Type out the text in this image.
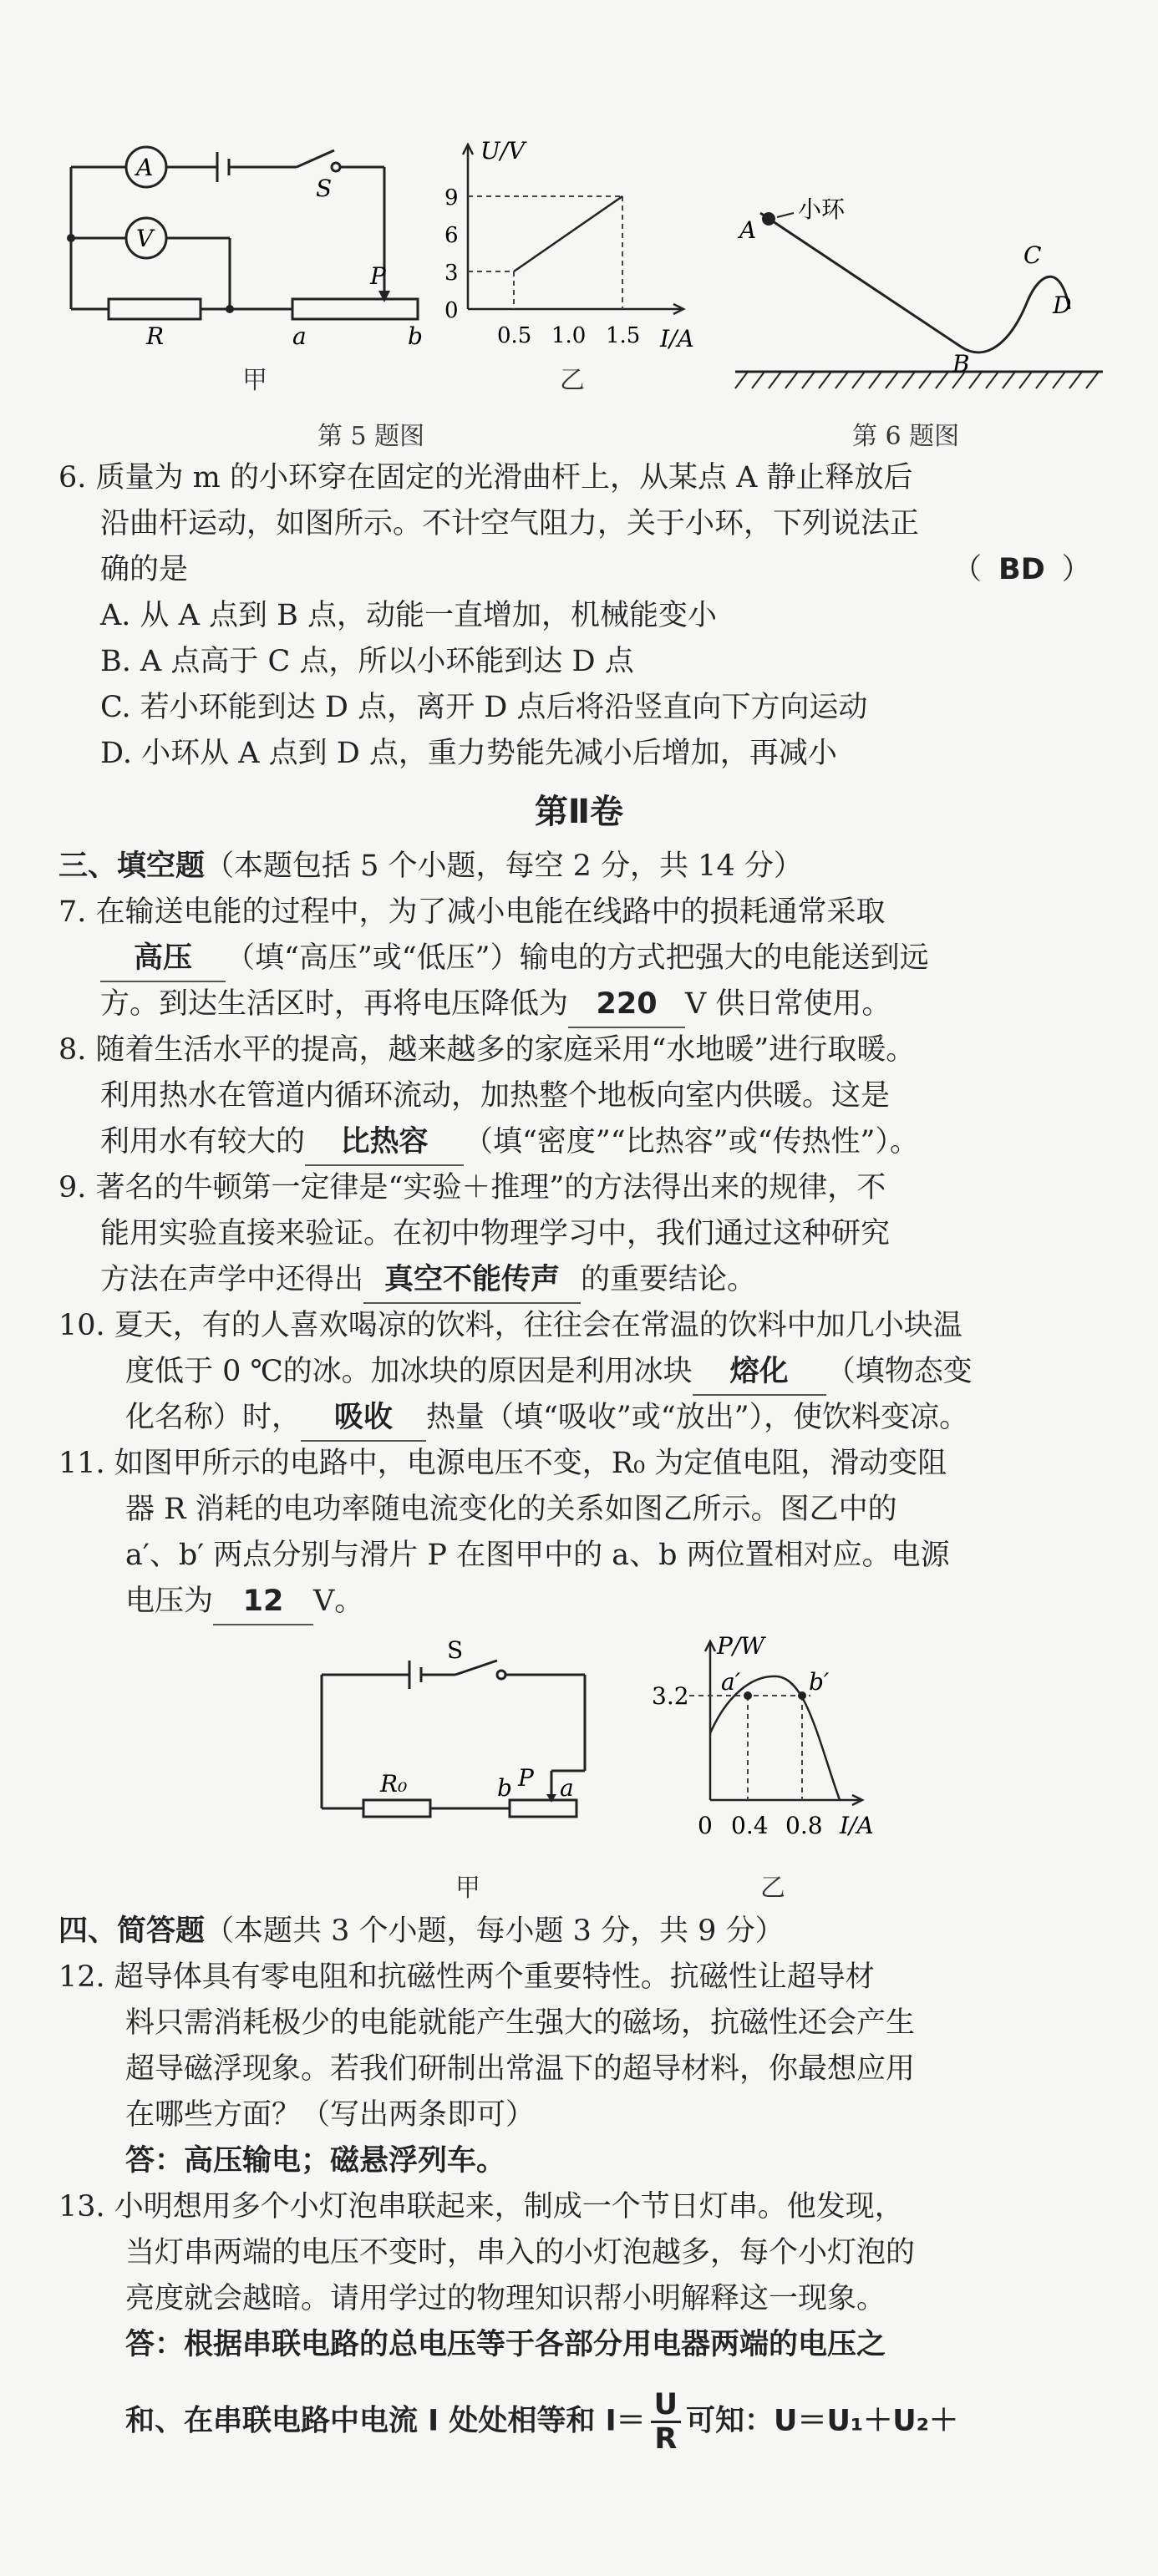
A
V
S
R
P
a	b
甲
U/V
I/A
9
6
3
0
0.5 1.0 1.5
乙
第 5 题图
小环
A
B
C
D
第 6 题图
6. 质量为 m 的小环穿在固定的光滑曲杆上，从某点 A 静止释放后
沿曲杆运动，如图所示。不计空气阻力，关于小环，下列说法正
确的是	（ BD ）
A. 从 A 点到 B 点，动能一直增加，机械能变小
B. A 点高于 C 点，所以小环能到达 D 点
C. 若小环能到达 D 点，离开 D 点后将沿竖直向下方向运动
D. 小环从 A 点到 D 点，重力势能先减小后增加，再减小
第Ⅱ卷
三、填空题（本题包括 5 个小题，每空 2 分，共 14 分）
7. 在输送电能的过程中，为了减小电能在线路中的损耗通常采取
高压 （填“高压”或“低压”）输电的方式把强大的电能送到远
方。到达生活区时，再将电压降低为 220 V 供日常使用。
8. 随着生活水平的提高，越来越多的家庭采用“水地暖”进行取暖。
利用热水在管道内循环流动，加热整个地板向室内供暖。这是
利用水有较大的 比热容 （填“密度”“比热容”或“传热性”）。
9. 著名的牛顿第一定律是“实验＋推理”的方法得出来的规律，不
能用实验直接来验证。在初中物理学习中，我们通过这种研究
方法在声学中还得出 真空不能传声 的重要结论。
10. 夏天，有的人喜欢喝凉的饮料，往往会在常温的饮料中加几小块温
度低于 0 ℃的冰。加冰块的原因是利用冰块 熔化 （填物态变
化名称）时， 吸收 热量（填“吸收”或“放出”），使饮料变凉。
11. 如图甲所示的电路中，电源电压不变，R₀ 为定值电阻，滑动变阻
器 R 消耗的电功率随电流变化的关系如图乙所示。图乙中的
a′、b′ 两点分别与滑片 P 在图甲中的 a、b 两位置相对应。电源
电压为 12 V。
S
R₀	b P a
甲
P/W
3.2
a′	b′
0 0.4 0.8 I/A
乙
四、简答题（本题共 3 个小题，每小题 3 分，共 9 分）
12. 超导体具有零电阻和抗磁性两个重要特性。抗磁性让超导材
料只需消耗极少的电能就能产生强大的磁场，抗磁性还会产生
超导磁浮现象。若我们研制出常温下的超导材料，你最想应用
在哪些方面？（写出两条即可）
答：高压输电；磁悬浮列车。
13. 小明想用多个小灯泡串联起来，制成一个节日灯串。他发现，
当灯串两端的电压不变时，串入的小灯泡越多，每个小灯泡的
亮度就会越暗。请用学过的物理知识帮小明解释这一现象。
答：根据串联电路的总电压等于各部分用电器两端的电压之
和、在串联电路中电流 I 处处相等和 $I= \frac{U}{R}$ 可知：U＝U₁＋U₂＋
